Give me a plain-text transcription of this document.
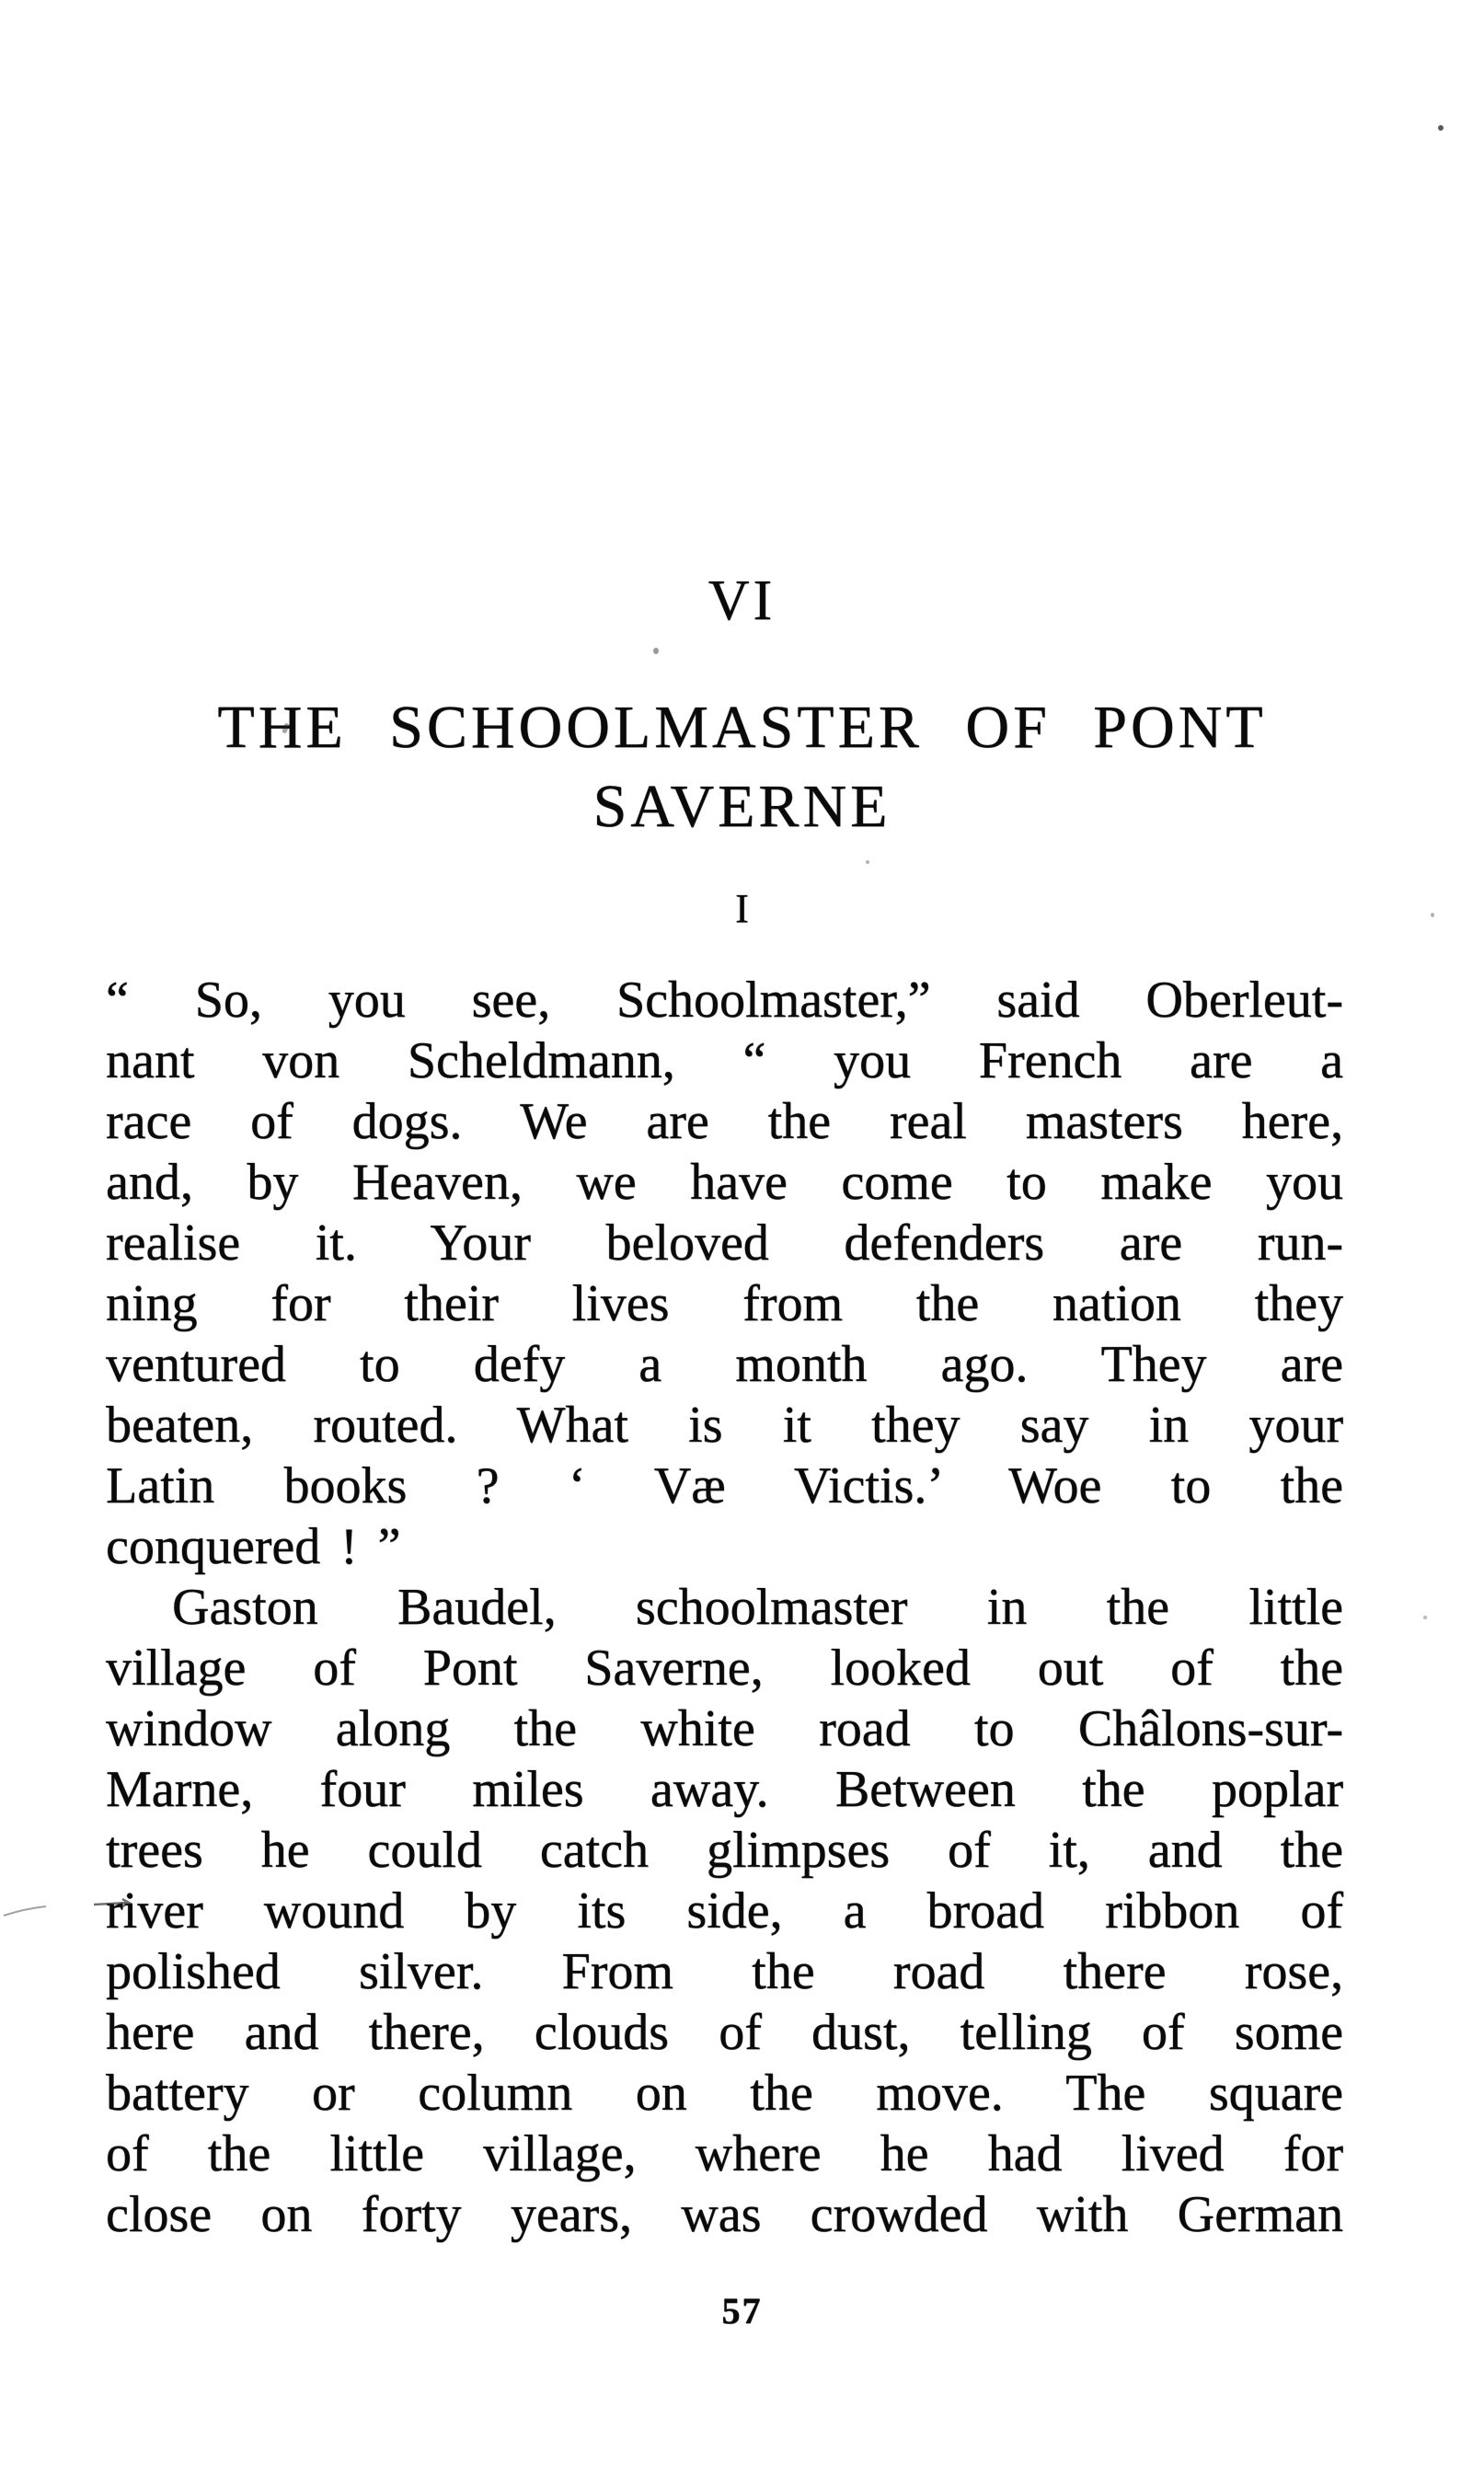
VI
THE SCHOOLMASTER OF PONT
SAVERNE
I
“ So, you see, Schoolmaster,” said Oberleut-
nant von Scheldmann, “ you French are a
race of dogs. We are the real masters here,
and, by Heaven, we have come to make you
realise it. Your beloved defenders are run-
ning for their lives from the nation they
ventured to defy a month ago. They are
beaten, routed. What is it they say in your
Latin books ? ‘ Væ Victis.’ Woe to the
conquered ! ”
Gaston Baudel, schoolmaster in the little
village of Pont Saverne, looked out of the
window along the white road to Châlons-sur-
Marne, four miles away. Between the poplar
trees he could catch glimpses of it, and the
river wound by its side, a broad ribbon of
polished silver. From the road there rose,
here and there, clouds of dust, telling of some
battery or column on the move. The square
of the little village, where he had lived for
close on forty years, was crowded with German
57
